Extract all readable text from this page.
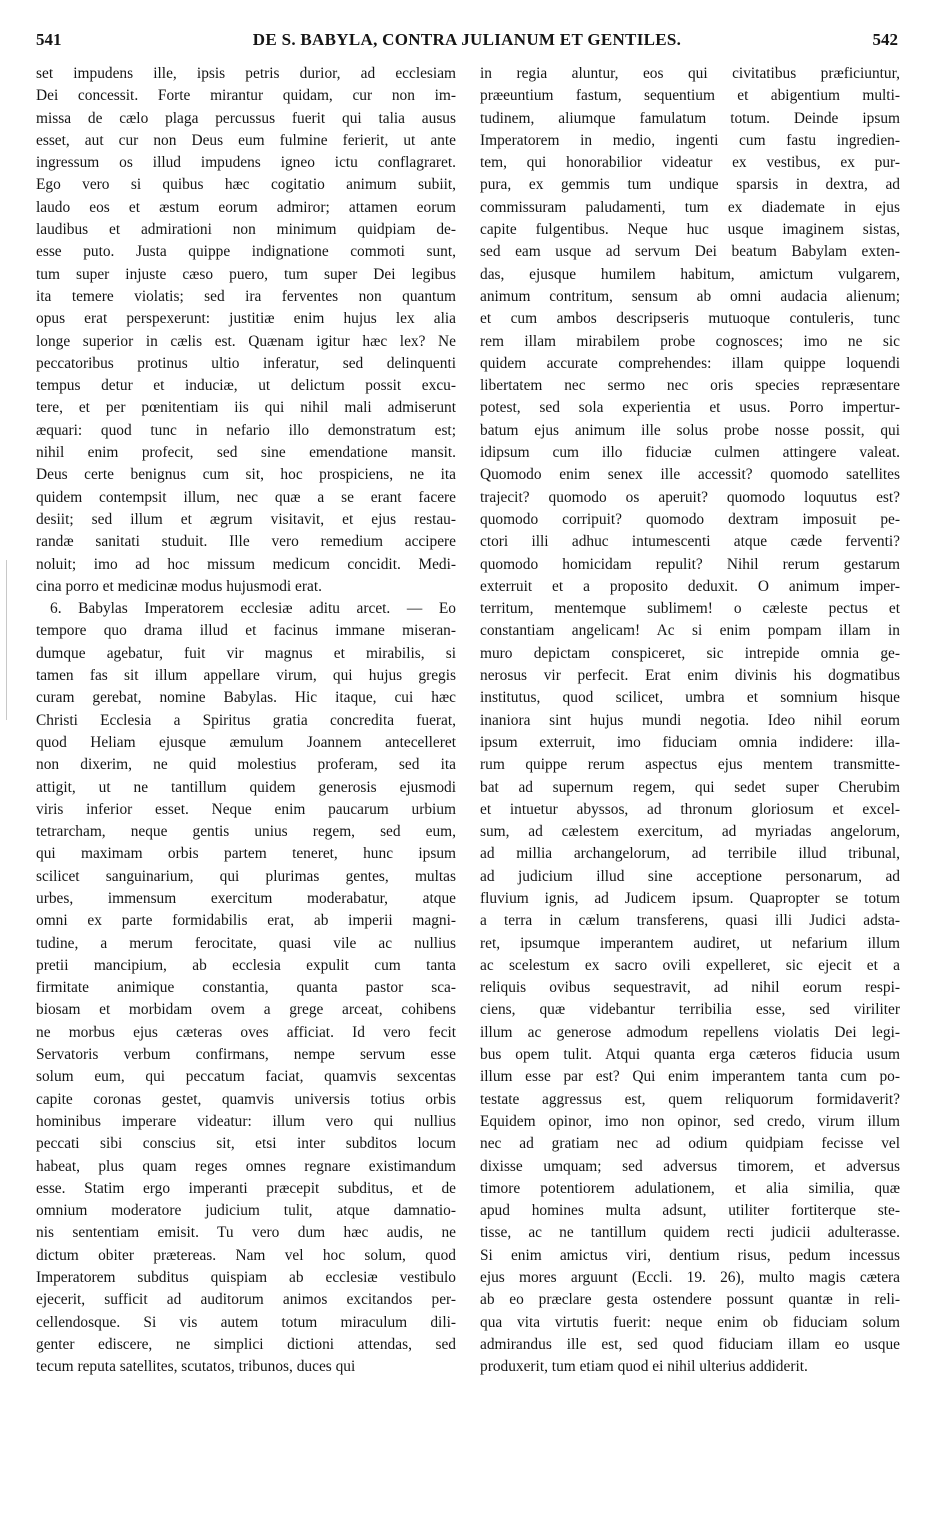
541	DE S. BABYLA, CONTRA JULIANUM ET GENTILES.	542
set impudens ille, ipsis petris durior, ad ecclesiam
Dei concessit. Forte mirantur quidam, cur non im-
missa de cælo plaga percussus fuerit qui talia ausus
esset, aut cur non Deus eum fulmine ferierit, ut ante
ingressum os illud impudens igneo ictu conflagraret.
Ego vero si quibus hæc cogitatio animum subiit,
laudo eos et æstum eorum admiror; attamen eorum
laudibus et admirationi non minimum quidpiam de-
esse puto. Justa quippe indignatione commoti sunt,
tum super injuste cæso puero, tum super Dei legibus
ita temere violatis; sed ira ferventes non quantum
opus erat perspexerunt: justitiæ enim hujus lex alia
longe superior in cælis est. Quænam igitur hæc lex? Ne
peccatoribus protinus ultio inferatur, sed delinquenti
tempus detur et induciæ, ut delictum possit excu-
tere, et per pœnitentiam iis qui nihil mali admiserunt
æquari: quod tunc in nefario illo demonstratum est;
nihil enim profecit, sed sine emendatione mansit.
Deus certe benignus cum sit, hoc prospiciens, ne ita
quidem contempsit illum, nec quæ a se erant facere
desiit; sed illum et ægrum visitavit, et ejus restau-
randæ sanitati studuit. Ille vero remedium accipere
noluit; imo ad hoc missum medicum concidit. Medi-
cina porro et medicinæ modus hujusmodi erat.
6. Babylas Imperatorem ecclesiæ aditu arcet. — Eo
tempore quo drama illud et facinus immane miseran-
dumque agebatur, fuit vir magnus et mirabilis, si
tamen fas sit illum appellare virum, qui hujus gregis
curam gerebat, nomine Babylas. Hic itaque, cui hæc
Christi Ecclesia a Spiritus gratia concredita fuerat,
quod Heliam ejusque æmulum Joannem antecelleret
non dixerim, ne quid molestius proferam, sed ita
attigit, ut ne tantillum quidem generosis ejusmodi
viris inferior esset. Neque enim paucarum urbium
tetrarcham, neque gentis unius regem, sed eum,
qui maximam orbis partem teneret, hunc ipsum
scilicet sanguinarium, qui plurimas gentes, multas
urbes, immensum exercitum moderabatur, atque
omni ex parte formidabilis erat, ab imperii magni-
tudine, a merum ferocitate, quasi vile ac nullius
pretii mancipium, ab ecclesia expulit cum tanta
firmitate animique constantia, quanta pastor sca-
biosam et morbidam ovem a grege arceat, cohibens
ne morbus ejus cæteras oves afficiat. Id vero fecit
Servatoris verbum confirmans, nempe servum esse
solum eum, qui peccatum faciat, quamvis sexcentas
capite coronas gestet, quamvis universis totius orbis
hominibus imperare videatur: illum vero qui nullius
peccati sibi conscius sit, etsi inter subditos locum
habeat, plus quam reges omnes regnare existimandum
esse. Statim ergo imperanti præcepit subditus, et de
omnium moderatore judicium tulit, atque damnatio-
nis sententiam emisit. Tu vero dum hæc audis, ne
dictum obiter prætereas. Nam vel hoc solum, quod
Imperatorem subditus quispiam ab ecclesiæ vestibulo
ejecerit, sufficit ad auditorum animos excitandos per-
cellendosque. Si vis autem totum miraculum dili-
genter ediscere, ne simplici dictioni attendas, sed
tecum reputa satellites, scutatos, tribunos, duces qui
in regia aluntur, eos qui civitatibus præficiuntur,
præeuntium fastum, sequentium et abigentium multi-
tudinem, aliumque famulatum totum. Deinde ipsum
Imperatorem in medio, ingenti cum fastu ingredien-
tem, qui honorabilior videatur ex vestibus, ex pur-
pura, ex gemmis tum undique sparsis in dextra, ad
commissuram paludamenti, tum ex diademate in ejus
capite fulgentibus. Neque huc usque imaginem sistas,
sed eam usque ad servum Dei beatum Babylam exten-
das, ejusque humilem habitum, amictum vulgarem,
animum contritum, sensum ab omni audacia alienum;
et cum ambos descripseris mutuoque contuleris, tunc
rem illam mirabilem probe cognosces; imo ne sic
quidem accurate comprehendes: illam quippe loquendi
libertatem nec sermo nec oris species repræsentare
potest, sed sola experientia et usus. Porro impertur-
batum ejus animum ille solus probe nosse possit, qui
idipsum cum illo fiduciæ culmen attingere valeat.
Quomodo enim senex ille accessit? quomodo satellites
trajecit? quomodo os aperuit? quomodo loquutus est?
quomodo corripuit? quomodo dextram imposuit pe-
ctori illi adhuc intumescenti atque cæde ferventi?
quomodo homicidam repulit? Nihil rerum gestarum
exterruit et a proposito deduxit. O animum imper-
territum, mentemque sublimem! o cæleste pectus et
constantiam angelicam! Ac si enim pompam illam in
muro depictam conspiceret, sic intrepide omnia ge-
nerosus vir perfecit. Erat enim divinis his dogmatibus
institutus, quod scilicet, umbra et somnium hisque
inaniora sint hujus mundi negotia. Ideo nihil eorum
ipsum exterruit, imo fiduciam omnia indidere: illa-
rum quippe rerum aspectus ejus mentem transmitte-
bat ad supernum regem, qui sedet super Cherubim
et intuetur abyssos, ad thronum gloriosum et excel-
sum, ad cælestem exercitum, ad myriadas angelorum,
ad millia archangelorum, ad terribile illud tribunal,
ad judicium illud sine acceptione personarum, ad
fluvium ignis, ad Judicem ipsum. Quapropter se totum
a terra in cælum transferens, quasi illi Judici adsta-
ret, ipsumque imperantem audiret, ut nefarium illum
ac scelestum ex sacro ovili expelleret, sic ejecit et a
reliquis ovibus sequestravit, ad nihil eorum respi-
ciens, quæ videbantur terribilia esse, sed viriliter
illum ac generose admodum repellens violatis Dei legi-
bus opem tulit. Atqui quanta erga cæteros fiducia usum
illum esse par est? Qui enim imperantem tanta cum po-
testate aggressus est, quem reliquorum formidaverit?
Equidem opinor, imo non opinor, sed credo, virum illum
nec ad gratiam nec ad odium quidpiam fecisse vel
dixisse umquam; sed adversus timorem, et adversus
timore potentiorem adulationem, et alia similia, quæ
apud homines multa adsunt, utiliter fortiterque ste-
tisse, ac ne tantillum quidem recti judicii adulterasse.
Si enim amictus viri, dentium risus, pedum incessus
ejus mores arguunt (Eccli. 19. 26), multo magis cætera
ab eo præclare gesta ostendere possunt quantæ in reli-
qua vita virtutis fuerit: neque enim ob fiduciam solum
admirandus ille est, sed quod fiduciam illam eo usque
produxerit, tum etiam quod ei nihil ulterius addiderit.
